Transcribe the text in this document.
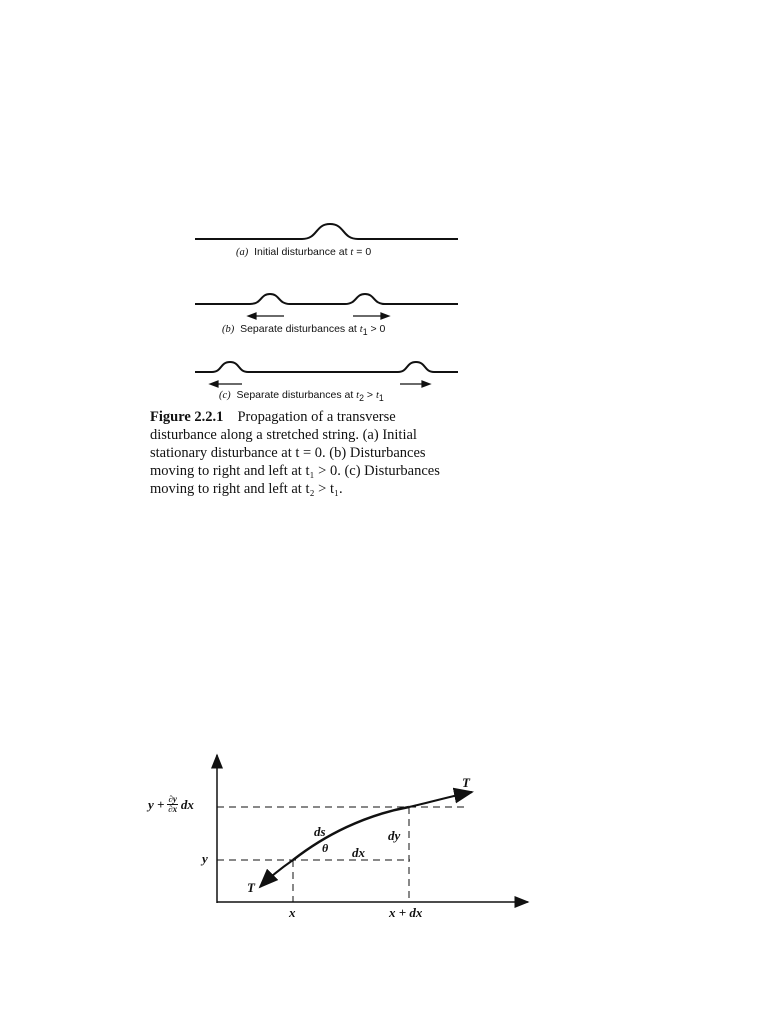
(a) Initial disturbance at t = 0
(b) Separate disturbances at $t_1 > 0$
(c) Separate disturbances at $t_2 > t_1$
Figure 2.2.1 Propagation of a transverse
disturbance along a stretched string. (a) Initial
stationary disturbance at t = 0. (b) Disturbances
moving to right and left at t₁ > 0. (c) Disturbances
moving to right and left at t₂ > t₁.
$y + \frac{\partial y}{\partial x}$ dx
y
ds
θ dx
dy
T
T
x	x + dx
